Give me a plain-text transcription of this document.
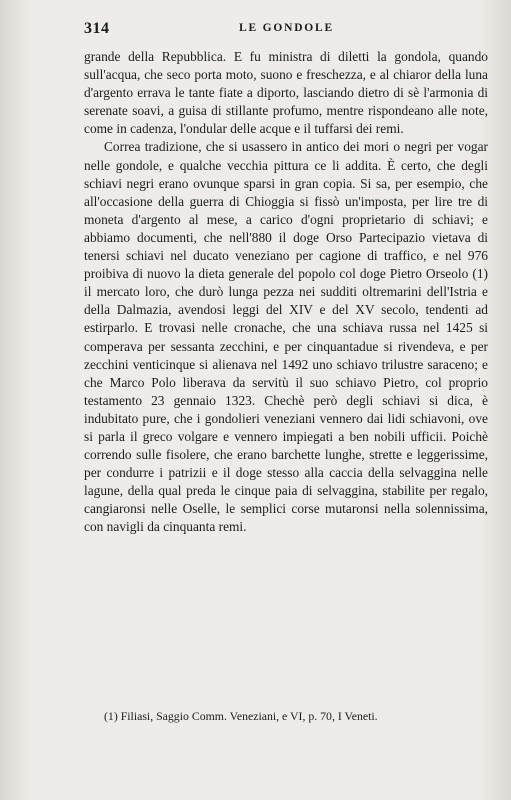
314	LE GONDOLE

grande della Repubblica. E fu ministra di diletti la gondola, quando sull'acqua, che seco porta moto, suono e freschezza, e al chiaror della luna d'argento errava le tante fiate a diporto, lasciando dietro di sè l'armonia di serenate soavi, a guisa di stillante profumo, mentre rispondeano alle note, come in cadenza, l'ondular delle acque e il tuffarsi dei remi.

Correa tradizione, che si usassero in antico dei mori o negri per vogar nelle gondole, e qualche vecchia pittura ce li addita. È certo, che degli schiavi negri erano ovunque sparsi in gran copia. Si sa, per esempio, che all'occasione della guerra di Chioggia si fissò un'imposta, per lire tre di moneta d'argento al mese, a carico d'ogni proprietario di schiavi; e abbiamo documenti, che nell'880 il doge Orso Partecipazio vietava di tenersi schiavi nel ducato veneziano per cagione di traffico, e nel 976 proibiva di nuovo la dieta generale del popolo col doge Pietro Orseolo (1) il mercato loro, che durò lunga pezza nei sudditi oltremarini dell'Istria e della Dalmazia, avendosi leggi del XIV e del XV secolo, tendenti ad estirparlo. E trovasi nelle cronache, che una schiava russa nel 1425 si comperava per sessanta zecchini, e per cinquantadue si rivendeva, e per zecchini venticinque si alienava nel 1492 uno schiavo trilustre saraceno; e che Marco Polo liberava da servitù il suo schiavo Pietro, col proprio testamento 23 gennaio 1323. Chechè però degli schiavi si dica, è indubitato pure, che i gondolieri veneziani vennero dai lidi schiavoni, ove si parla il greco volgare e vennero impiegati a ben nobili ufficii. Poichè correndo sulle fisolere, che erano barchette lunghe, strette e leggerissime, per condurre i patrizii e il doge stesso alla caccia della selvaggina nelle lagune, della qual preda le cinque paia di selvaggina, stabilite per regalo, cangiaronsi nelle Oselle, le semplici corse mutaronsi nella solennissima, con navigli da cinquanta remi.

(1) Filiasi, Saggio Comm. Veneziani, e VI, p. 70, I Veneti.
